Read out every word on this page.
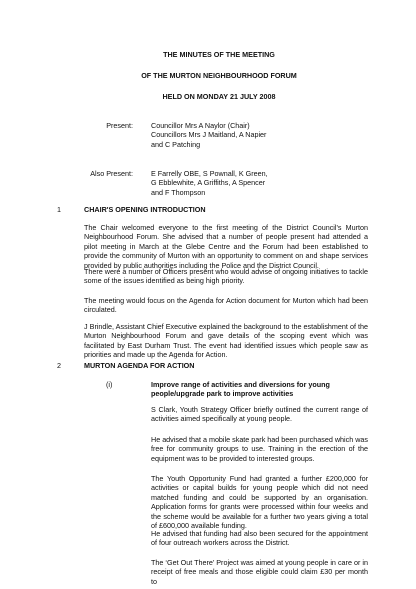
THE MINUTES OF THE MEETING
OF THE MURTON NEIGHBOURHOOD FORUM
HELD ON MONDAY 21 JULY 2008
Present:	Councillor Mrs A Naylor (Chair)
Councillors Mrs J Maitland, A Napier
and C Patching
Also Present:	E Farrelly OBE, S Pownall, K Green,
G Ebblewhite, A Griffiths, A Spencer
and F Thompson
1	CHAIR'S OPENING INTRODUCTION
The Chair welcomed everyone to the first meeting of the District Council's Murton Neighbourhood Forum. She advised that a number of people present had attended a pilot meeting in March at the Glebe Centre and the Forum had been established to provide the community of Murton with an opportunity to comment on and shape services provided by public authorities including the Police and the District Council.
There were a number of Officers present who would advise of ongoing initiatives to tackle some of the issues identified as being high priority.
The meeting would focus on the Agenda for Action document for Murton which had been circulated.
J Brindle, Assistant Chief Executive explained the background to the establishment of the Murton Neighbourhood Forum and gave details of the scoping event which was facilitated by East Durham Trust. The event had identified issues which people saw as priorities and made up the Agenda for Action.
2	MURTON AGENDA FOR ACTION
(i)	Improve range of activities and diversions for young people/upgrade park to improve activities
S Clark, Youth Strategy Officer briefly outlined the current range of activities aimed specifically at young people.
He advised that a mobile skate park had been purchased which was free for community groups to use. Training in the erection of the equipment was to be provided to interested groups.
The Youth Opportunity Fund had granted a further £200,000 for activities or capital builds for young people which did not need matched funding and could be supported by an organisation. Application forms for grants were processed within four weeks and the scheme would be available for a further two years giving a total of £600,000 available funding.
He advised that funding had also been secured for the appointment of four outreach workers across the District.
The ‘Get Out There’ Project was aimed at young people in care or in receipt of free meals and those eligible could claim £30 per month to
